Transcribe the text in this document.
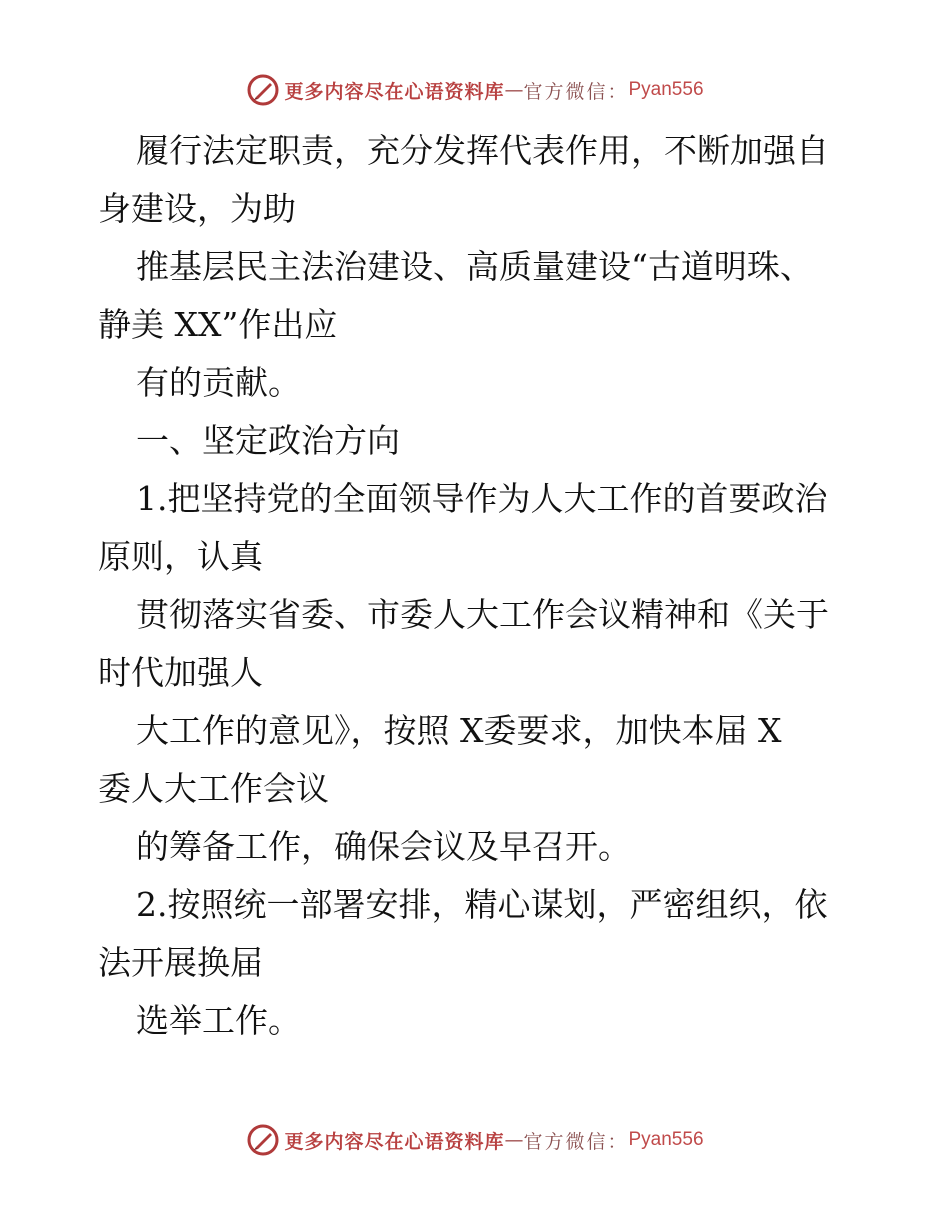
更多内容尽在心语资料库 — 官方微信： Pyan556

履行法定职责，充分发挥代表作用，不断加强自
身建设，为助

推基层民主法治建设、高质量建设“古道明珠、
静美 XX”作出应

有的贡献。

一、坚定政治方向

1.把坚持党的全面领导作为人大工作的首要政治
原则，认真

贯彻落实省委、市委人大工作会议精神和《关于
时代加强人

大工作的意见》，按照 X委要求，加快本届 X
委人大工作会议

的筹备工作，确保会议及早召开。

2.按照统一部署安排，精心谋划，严密组织，依
法开展换届

选举工作。

更多内容尽在心语资料库 — 官方微信： Pyan556
